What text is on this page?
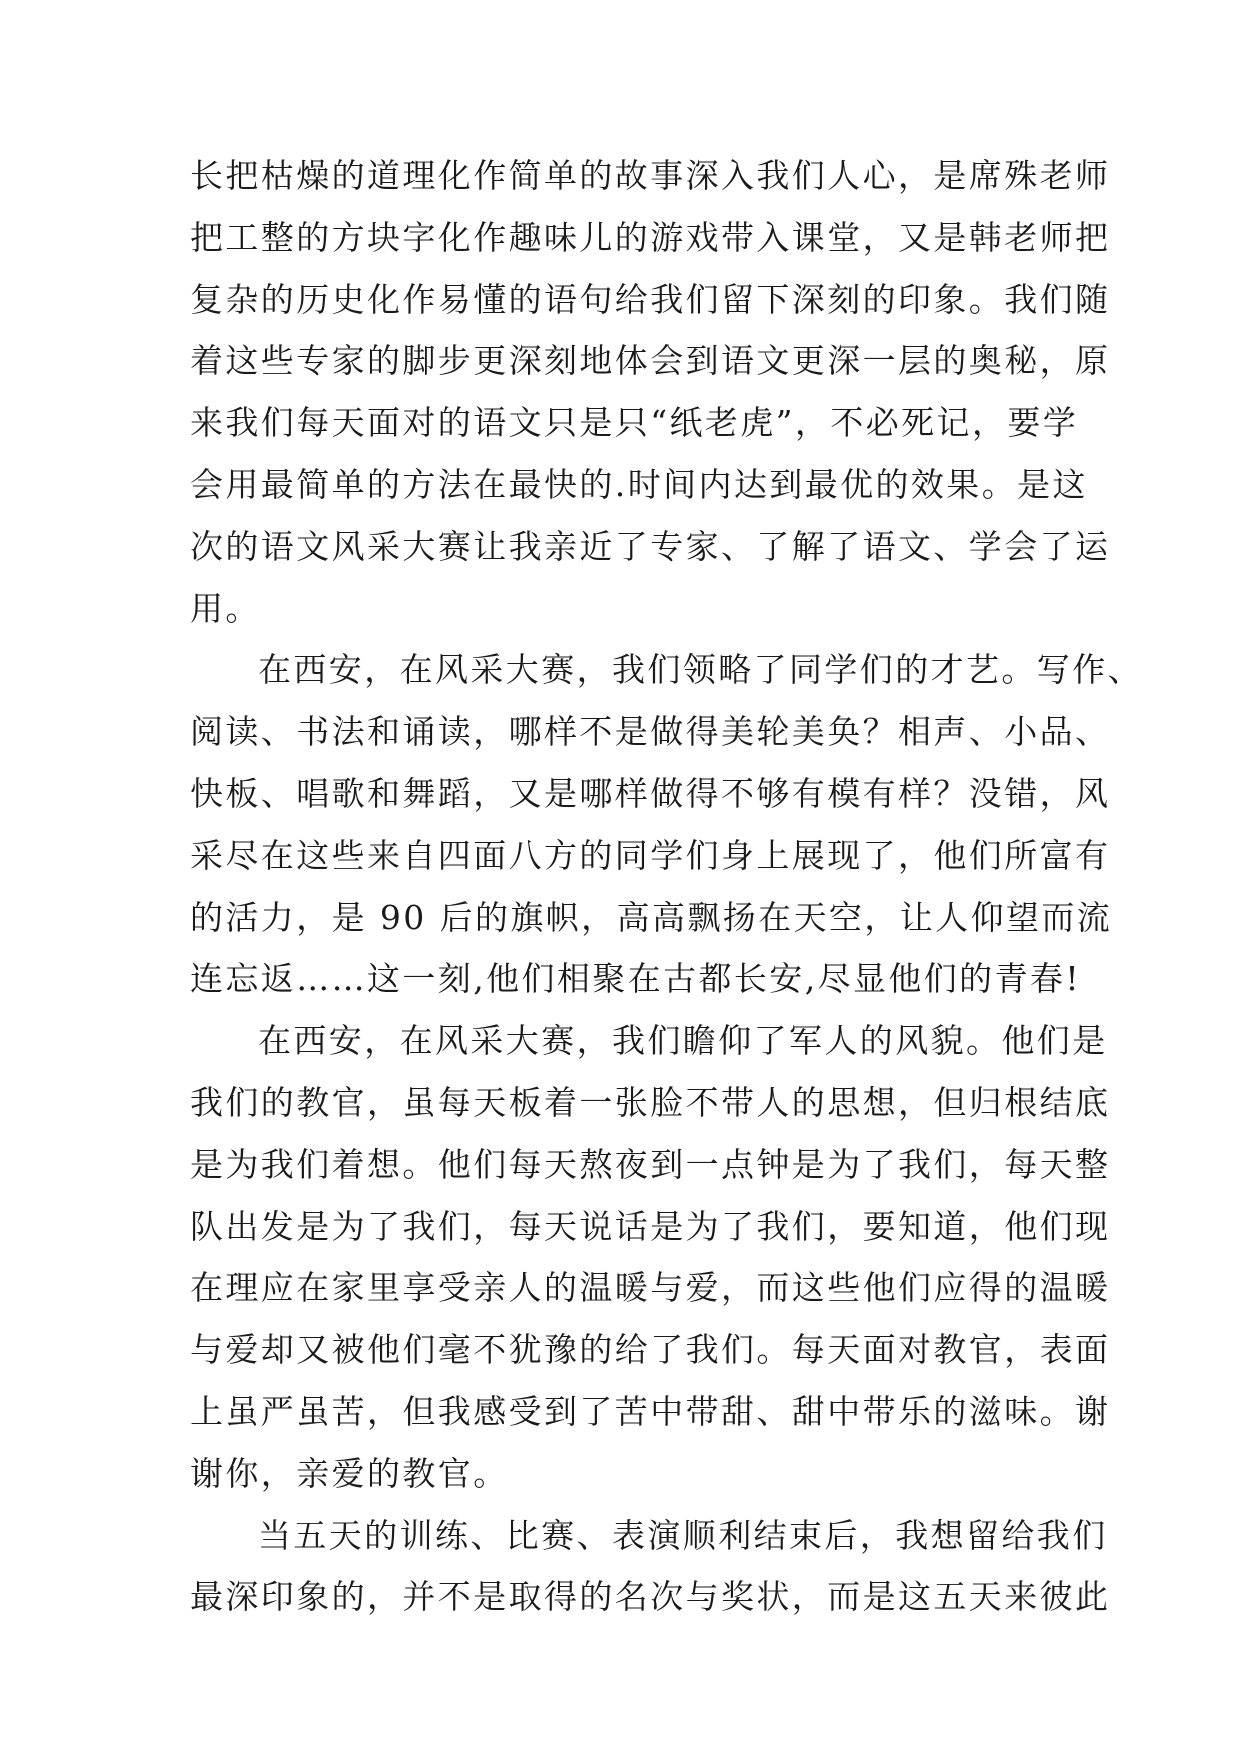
长把枯燥的道理化作简单的故事深入我们人心，是席殊老师
把工整的方块字化作趣味儿的游戏带入课堂，又是韩老师把
复杂的历史化作易懂的语句给我们留下深刻的印象。我们随
着这些专家的脚步更深刻地体会到语文更深一层的奥秘，原
来我们每天面对的语文只是只“纸老虎”，不必死记，要学
会用最简单的方法在最快的.时间内达到最优的效果。是这
次的语文风采大赛让我亲近了专家、了解了语文、学会了运
用。
在西安，在风采大赛，我们领略了同学们的才艺。写作、
阅读、书法和诵读，哪样不是做得美轮美奂？相声、小品、
快板、唱歌和舞蹈，又是哪样做得不够有模有样？没错，风
采尽在这些来自四面八方的同学们身上展现了，他们所富有
的活力，是 90 后的旗帜，高高飘扬在天空，让人仰望而流
连忘返……这一刻,他们相聚在古都长安,尽显他们的青春!
在西安，在风采大赛，我们瞻仰了军人的风貌。他们是
我们的教官，虽每天板着一张脸不带人的思想，但归根结底
是为我们着想。他们每天熬夜到一点钟是为了我们，每天整
队出发是为了我们，每天说话是为了我们，要知道，他们现
在理应在家里享受亲人的温暖与爱，而这些他们应得的温暖
与爱却又被他们毫不犹豫的给了我们。每天面对教官，表面
上虽严虽苦，但我感受到了苦中带甜、甜中带乐的滋味。谢
谢你，亲爱的教官。
当五天的训练、比赛、表演顺利结束后，我想留给我们
最深印象的，并不是取得的名次与奖状，而是这五天来彼此
